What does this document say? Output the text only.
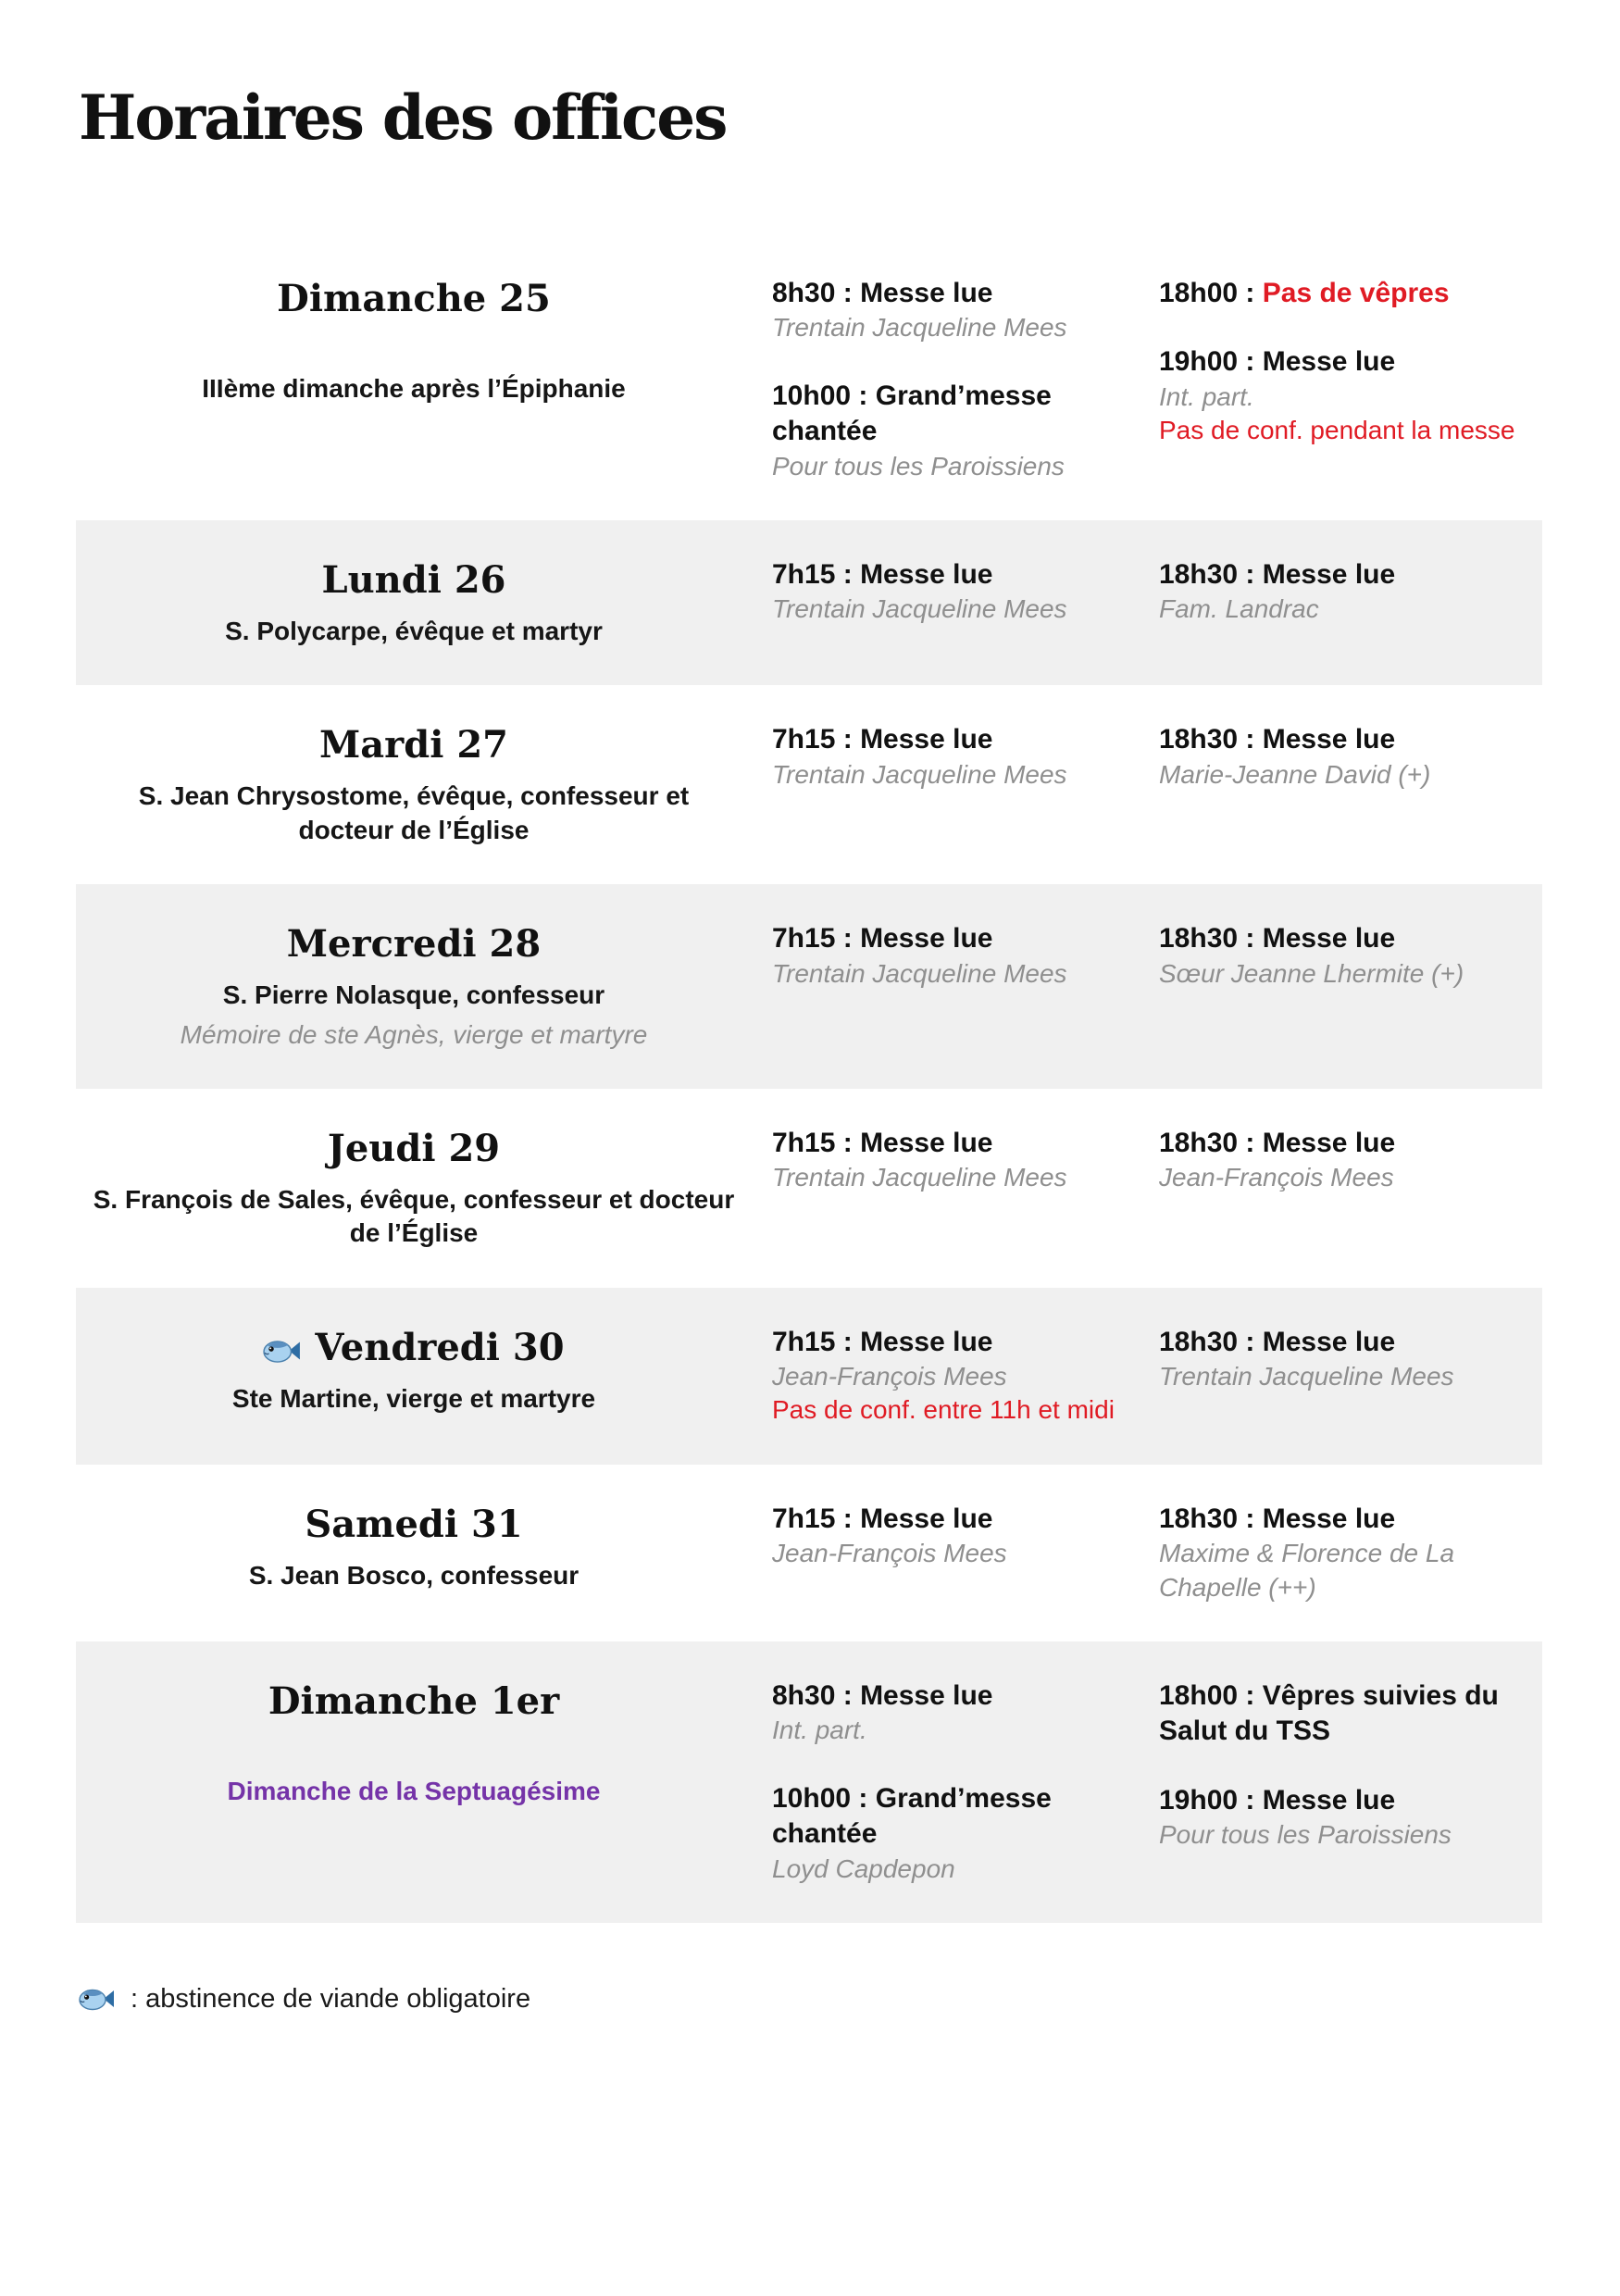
Horaires des offices
Dimanche 25
IIIème dimanche après l’Épiphanie
8h30 : Messe lue
Trentain Jacqueline Mees
10h00 : Grand’messe chantée
Pour tous les Paroissiens
18h00 : Pas de vêpres
19h00 : Messe lue
Int. part.
Pas de conf. pendant la messe
Lundi 26
S. Polycarpe, évêque et martyr
7h15 : Messe lue
Trentain Jacqueline Mees
18h30 : Messe lue
Fam. Landrac
Mardi 27
S. Jean Chrysostome, évêque, confesseur et docteur de l’Église
7h15 : Messe lue
Trentain Jacqueline Mees
18h30 : Messe lue
Marie-Jeanne David (+)
Mercredi 28
S. Pierre Nolasque, confesseur
Mémoire de ste Agnès, vierge et martyre
7h15 : Messe lue
Trentain Jacqueline Mees
18h30 : Messe lue
Sœur Jeanne Lhermite (+)
Jeudi 29
S. François de Sales, évêque, confesseur et docteur de l’Église
7h15 : Messe lue
Trentain Jacqueline Mees
18h30 : Messe lue
Jean-François Mees
Vendredi 30
Ste Martine, vierge et martyre
7h15 : Messe lue
Jean-François Mees
Pas de conf. entre 11h et midi
18h30 : Messe lue
Trentain Jacqueline Mees
Samedi 31
S. Jean Bosco, confesseur
7h15 : Messe lue
Jean-François Mees
18h30 : Messe lue
Maxime & Florence de La Chapelle (++)
Dimanche 1er
Dimanche de la Septuagésime
8h30 : Messe lue
Int. part.
10h00 : Grand’messe chantée
Loyd Capdepon
18h00 : Vêpres suivies du Salut du TSS
19h00 : Messe lue
Pour tous les Paroissiens
: abstinence de viande obligatoire
